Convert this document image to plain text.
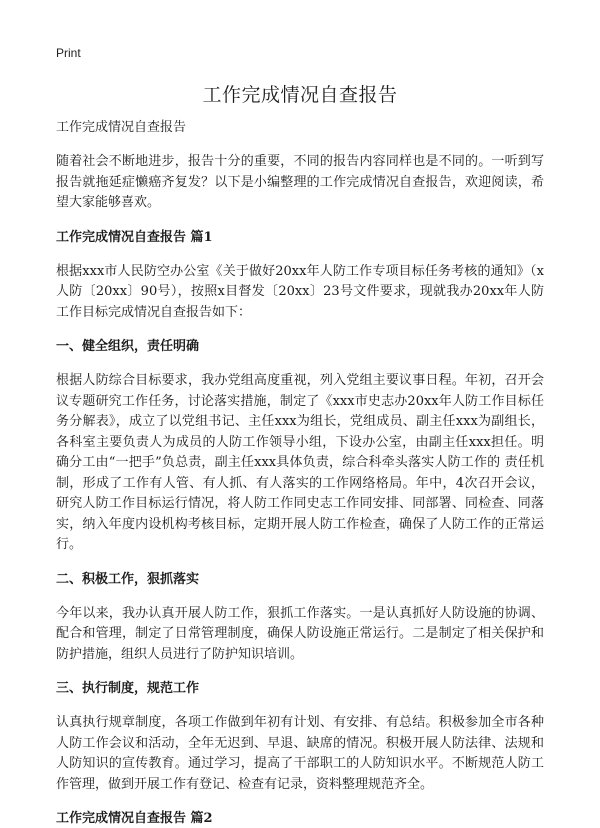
Print
工作完成情况自查报告
工作完成情况自查报告

随着社会不断地进步，报告十分的重要，不同的报告内容同样也是不同的。一听到写报告就拖延症懒癌齐复发？以下是小编整理的工作完成情况自查报告，欢迎阅读，希望大家能够喜欢。

工作完成情况自查报告 篇1

根据xxx市人民防空办公室《关于做好20xx年人防工作专项目标任务考核的通知》（x人防〔20xx〕90号），按照x目督发〔20xx〕23号文件要求，现就我办20xx年人防工作目标完成情况自查报告如下：

一、健全组织，责任明确

根据人防综合目标要求，我办党组高度重视，列入党组主要议事日程。年初，召开会议专题研究工作任务，讨论落实措施，制定了《xxx市史志办20xx年人防工作目标任务分解表》，成立了以党组书记、主任xxx为组长，党组成员、副主任xxx为副组长，各科室主要负责人为成员的人防工作领导小组，下设办公室，由副主任xxx担任。明确分工由“一把手”负总责，副主任xxx具体负责，综合科牵头落实人防工作的 责任机制，形成了工作有人管、有人抓、有人落实的工作网络格局。年中，4次召开会议，研究人防工作目标运行情况，将人防工作同史志工作同安排、同部署、同检查、同落实，纳入年度内设机构考核目标，定期开展人防工作检查，确保了人防工作的正常运行。

二、积极工作，狠抓落实

今年以来，我办认真开展人防工作，狠抓工作落实。一是认真抓好人防设施的协调、配合和管理，制定了日常管理制度，确保人防设施正常运行。二是制定了相关保护和防护措施，组织人员进行了防护知识培训。

三、执行制度，规范工作

认真执行规章制度，各项工作做到年初有计划、有安排、有总结。积极参加全市各种人防工作会议和活动，全年无迟到、早退、缺席的情况。积极开展人防法律、法规和人防知识的宣传教育。通过学习，提高了干部职工的人防知识水平。不断规范人防工作管理，做到开展工作有登记、检查有记录，资料整理规范齐全。

工作完成情况自查报告 篇2
